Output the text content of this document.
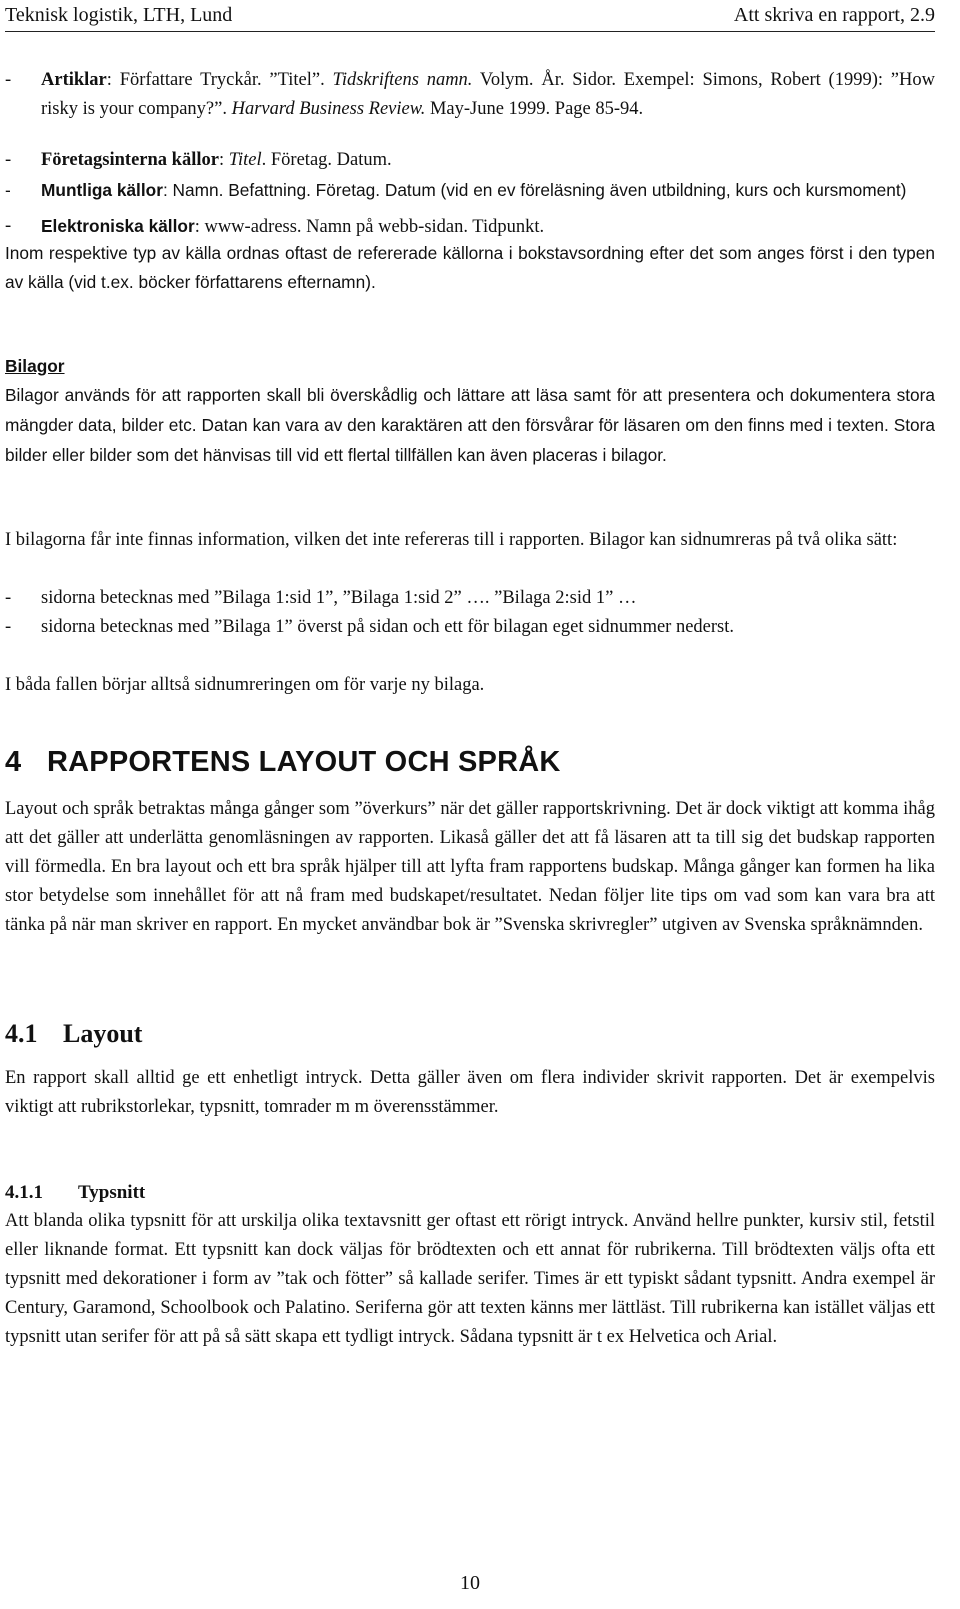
Teknisk logistik, LTH, Lund	Att skriva en rapport, 2.9
-	Artiklar: Författare Tryckår. ”Titel”. Tidskriftens namn. Volym. År. Sidor. Exempel: Simons, Robert (1999): ”How risky is your company?”. Harvard Business Review. May-June 1999. Page 85-94.
-	Företagsinterna källor: Titel. Företag. Datum.
-	Muntliga källor: Namn. Befattning. Företag. Datum (vid en ev föreläsning även utbildning, kurs och kursmoment)
-	Elektroniska källor: www-adress. Namn på webb-sidan. Tidpunkt.

Inom respektive typ av källa ordnas oftast de refererade källorna i bokstavsordning efter det som anges först i den typen av källa (vid t.ex. böcker författarens efternamn).

Bilagor

Bilagor används för att rapporten skall bli överskådlig och lättare att läsa samt för att presentera och dokumentera stora mängder data, bilder etc. Datan kan vara av den karaktären att den försvårar för läsaren om den finns med i texten. Stora bilder eller bilder som det hänvisas till vid ett flertal tillfällen kan även placeras i bilagor.

I bilagorna får inte finnas information, vilken det inte refereras till i rapporten. Bilagor kan sidnumreras på två olika sätt:

-	sidorna betecknas med ”Bilaga 1:sid 1”, ”Bilaga 1:sid 2” …. ”Bilaga 2:sid 1” …
-	sidorna betecknas med ”Bilaga 1” överst på sidan och ett för bilagan eget sidnummer nederst.

I båda fallen börjar alltså sidnumreringen om för varje ny bilaga.

4 RAPPORTENS LAYOUT OCH SPRÅK

Layout och språk betraktas många gånger som ”överkurs” när det gäller rapportskrivning. Det är dock viktigt att komma ihåg att det gäller att underlätta genomläsningen av rapporten. Likaså gäller det att få läsaren att ta till sig det budskap rapporten vill förmedla. En bra layout och ett bra språk hjälper till att lyfta fram rapportens budskap. Många gånger kan formen ha lika stor betydelse som innehållet för att nå fram med budskapet/resultatet. Nedan följer lite tips om vad som kan vara bra att tänka på när man skriver en rapport. En mycket användbar bok är ”Svenska skrivregler” utgiven av Svenska språknämnden.

4.1 Layout

En rapport skall alltid ge ett enhetligt intryck. Detta gäller även om flera individer skrivit rapporten. Det är exempelvis viktigt att rubrikstorlekar, typsnitt, tomrader m m överensstämmer.

4.1.1 Typsnitt

Att blanda olika typsnitt för att urskilja olika textavsnitt ger oftast ett rörigt intryck. Använd hellre punkter, kursiv stil, fetstil eller liknande format. Ett typsnitt kan dock väljas för brödtexten och ett annat för rubrikerna. Till brödtexten väljs ofta ett typsnitt med dekorationer i form av ”tak och fötter” så kallade serifer. Times är ett typiskt sådant typsnitt. Andra exempel är Century, Garamond, Schoolbook och Palatino. Seriferna gör att texten känns mer lättläst. Till rubrikerna kan istället väljas ett typsnitt utan serifer för att på så sätt skapa ett tydligt intryck. Sådana typsnitt är t ex Helvetica och Arial.

10
